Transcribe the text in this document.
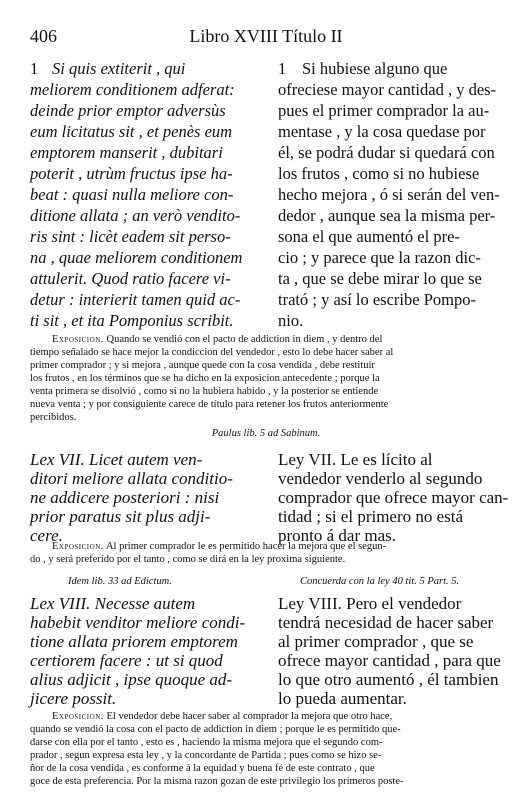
Libro XVIII Título II
406
1 Si quis extiterit , qui
meliorem conditionem adferat:
deinde prior emptor adversùs
eum licitatus sit , et penès eum
emptorem manserit , dubitari
poterit , utrùm fructus ipse ha-
beat : quasi nulla meliore con-
ditione allata ; an verò vendito-
ris sint : licèt eadem sit perso-
na , quae meliorem conditionem
attulerit. Quod ratio facere vi-
detur : interierit tamen quid ac-
ti sit , et ita Pomponius scribit.
1 Si hubiese alguno que
ofreciese mayor cantidad , y des-
pues el primer comprador la au-
mentase , y la cosa quedase por
él, se podrá dudar si quedará con
los frutos , como si no hubiese
hecho mejora , ó si serán del ven-
dedor , aunque sea la misma per-
sona el que aumentó el pre-
cio ; y parece que la razon dic-
ta , que se debe mirar lo que se
trató ; y así lo escribe Pompo-
nio.
Exposicion. Quando se vendió con el pacto de addiction in diem , y dentro del
tiempo señalado se hace mejor la condiccion del vendedor , esto lo debe hacer saber al
primer comprador ; y si mejora , aunque quede con la cosa vendida , debe restituir
los frutos , en los términos que se ha dicho en la exposicion antecedente ; porque la
venta primera se disolvió , como si no la hubiera habido , y la posterior se entiende
nueva venta ; y por consiguiente carece de título para retener los frutos anteriormente
percibidos.
Paulus lib. 5 ad Sabinum.
Lex VII. Licet autem ven-
ditori meliore allata conditio-
ne addicere posteriori : nisi
prior paratus sit plus adji-
cere.
Ley VII. Le es lícito al
vendedor venderlo al segundo
comprador que ofrece mayor can-
tidad ; si el primero no está
pronto á dar mas.
Exposicion. Al primer comprador le es permitido hacer la mejora que el segun-
do , y será preferido por el tanto , como se dirá en la ley proxima siguiente.
Idem lib. 33 ad Edictum.	Concuerda con la ley 40 tit. 5 Part. 5.
Lex VIII. Necesse autem
habebit venditor meliore condi-
tione allata priorem emptorem
certiorem facere : ut si quod
alius adjicit , ipse quoque ad-
jicere possit.
Ley VIII. Pero el vendedor
tendrá necesidad de hacer saber
al primer comprador , que se
ofrece mayor cantidad , para que
lo que otro aumentó , él tambien
lo pueda aumentar.
Exposicion. El vendedor debe hacer saber al comprador la mejora que otro hace,
quando se vendió la cosa con el pacto de addiction in diem ; porque le es permitido que-
darse con ella por el tanto , esto es , haciendo la misma mejora que el segundo com-
prador , segun expresa esta ley , y la concordante de Partida ; pues como se hizo se-
ñor de la cosa vendida , es conforme á la equidad y buena fé de este contrato , que
goce de esta preferencia. Por la misma razon gozan de este privilegio los primeros poste-
